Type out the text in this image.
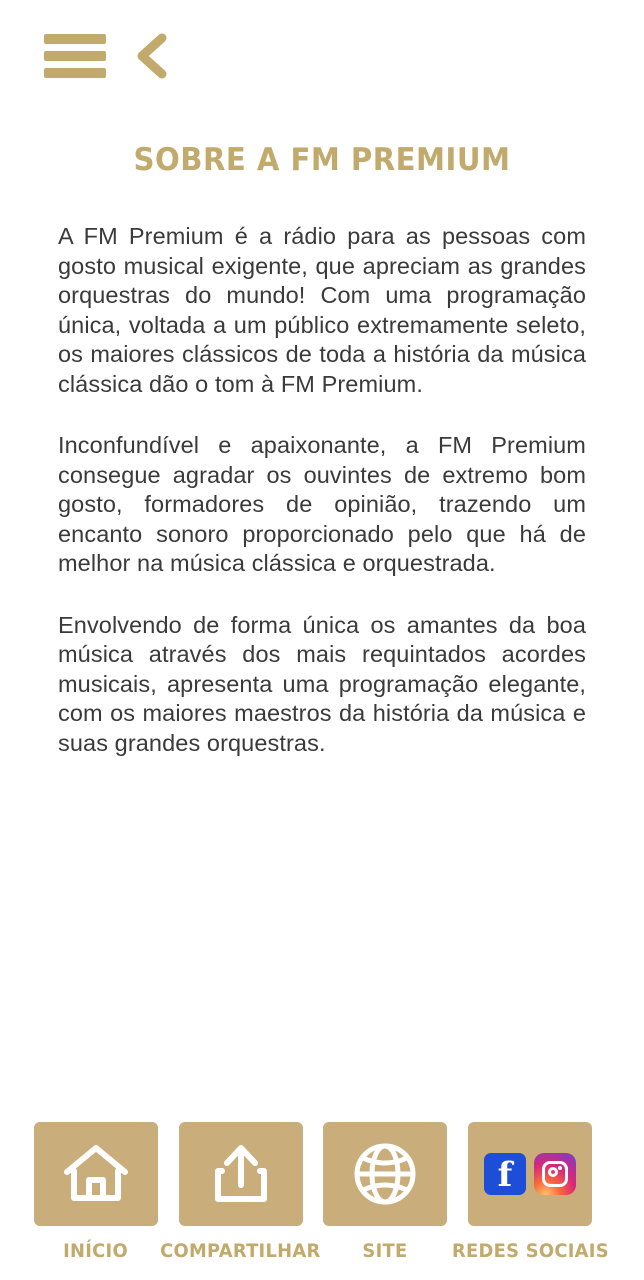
SOBRE A FM PREMIUM

A FM Premium é a rádio para as pessoas com gosto musical exigente, que apreciam as grandes orquestras do mundo! Com uma programação única, voltada a um público extremamente seleto, os maiores clássicos de toda a história da música clássica dão o tom à FM Premium.

Inconfundível e apaixonante, a FM Premium consegue agradar os ouvintes de extremo bom gosto, formadores de opinião, trazendo um encanto sonoro proporcionado pelo que há de melhor na música clássica e orquestrada.

Envolvendo de forma única os amantes da boa música através dos mais requintados acordes musicais, apresenta uma programação elegante, com os maiores maestros da história da música e suas grandes orquestras.

INÍCIO COMPARTILHAR SITE
f
REDES SOCIAIS
